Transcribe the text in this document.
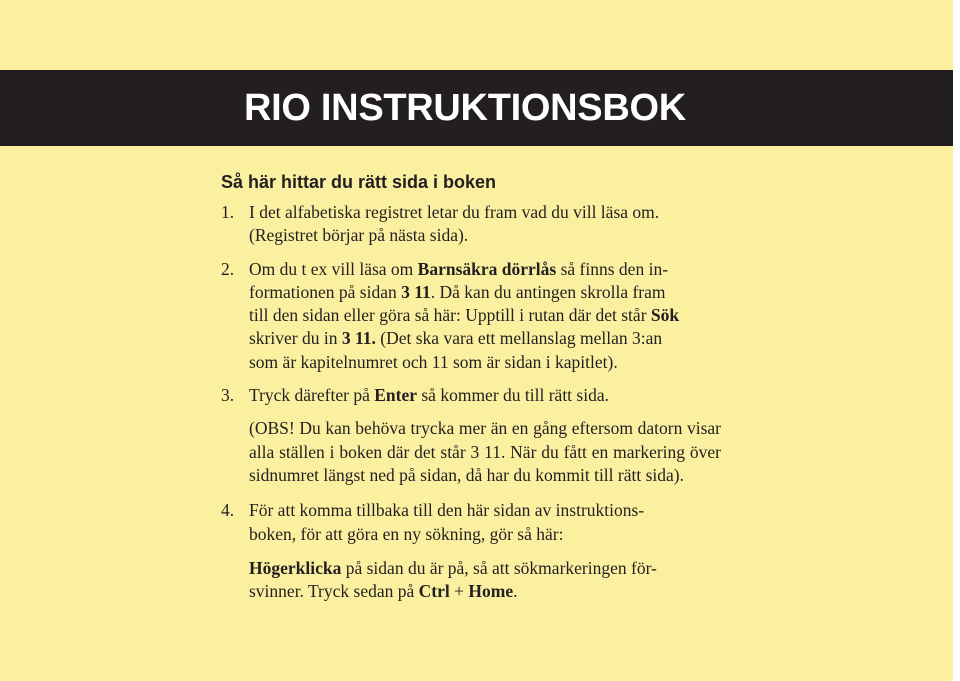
RIO INSTRUKTIONSBOK
Så här hittar du rätt sida i boken
1. I det alfabetiska registret letar du fram vad du vill läsa om.
(Registret börjar på nästa sida).

2. Om du t ex vill läsa om Barnsäkra dörrlås så finns den in-
formationen på sidan 3 11. Då kan du antingen skrolla fram
till den sidan eller göra så här: Upptill i rutan där det står Sök
skriver du in 3 11. (Det ska vara ett mellanslag mellan 3:an
som är kapitelnumret och 11 som är sidan i kapitlet).

3. Tryck därefter på Enter så kommer du till rätt sida.

(OBS! Du kan behöva trycka mer än en gång eftersom datorn visar alla ställen i boken där det står 3 11. När du fått en markering över sidnumret längst ned på sidan, då har du kommit till rätt sida).

4. För att komma tillbaka till den här sidan av instruktions-
boken, för att göra en ny sökning, gör så här:

Högerklicka på sidan du är på, så att sökmarkeringen för-
svinner. Tryck sedan på Ctrl + Home.
